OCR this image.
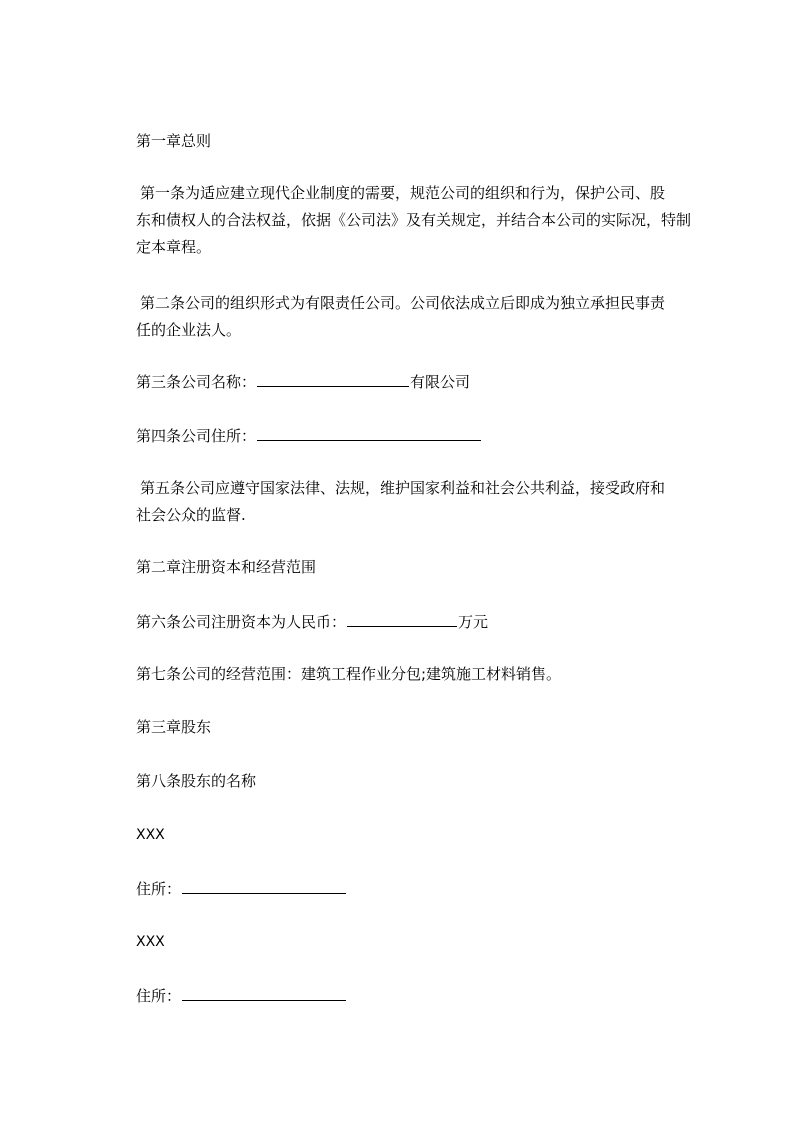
第一章总则
第一条为适应建立现代企业制度的需要，规范公司的组织和行为，保护公司、股
东和债权人的合法权益，依据《公司法》及有关规定，并结合本公司的实际况，特制
定本章程。
第二条公司的组织形式为有限责任公司。公司依法成立后即成为独立承担民事责
任的企业法人。
第三条公司名称：	有限公司
第四条公司住所：
第五条公司应遵守国家法律、法规，维护国家利益和社会公共利益，接受政府和
社会公众的监督.
第二章注册资本和经营范围
第六条公司注册资本为人民币：	万元
第七条公司的经营范围：建筑工程作业分包;建筑施工材料销售。
第三章股东
第八条股东的名称
XXX
住所：
XXX
住所：
